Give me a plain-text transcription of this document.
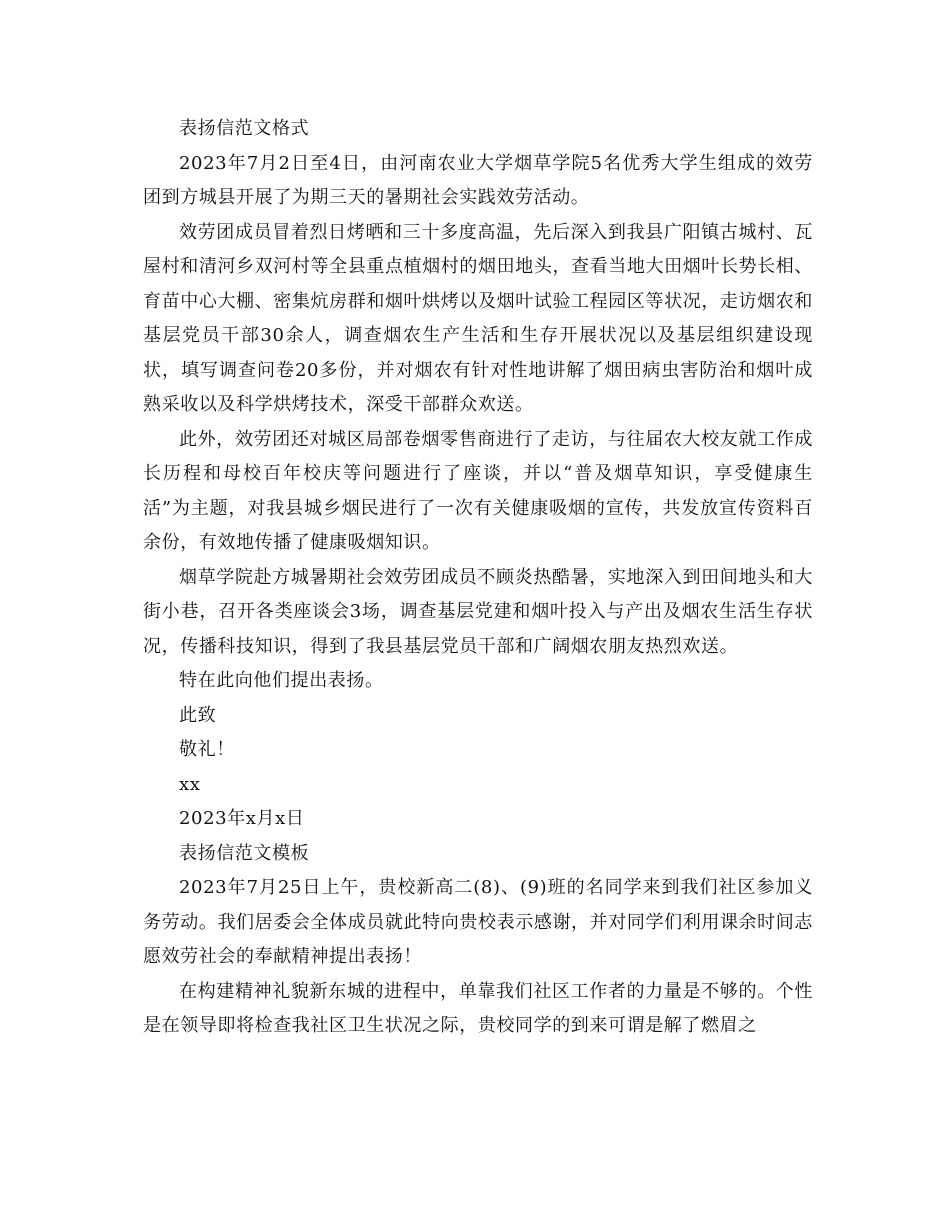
表扬信范文格式

2023年7月2日至4日，由河南农业大学烟草学院5名优秀大学生组成的效劳团到方城县开展了为期三天的暑期社会实践效劳活动。

效劳团成员冒着烈日烤晒和三十多度高温，先后深入到我县广阳镇古城村、瓦屋村和清河乡双河村等全县重点植烟村的烟田地头，查看当地大田烟叶长势长相、育苗中心大棚、密集炕房群和烟叶烘烤以及烟叶试验工程园区等状况，走访烟农和基层党员干部30余人，调查烟农生产生活和生存开展状况以及基层组织建设现状，填写调查问卷20多份，并对烟农有针对性地讲解了烟田病虫害防治和烟叶成熟采收以及科学烘烤技术，深受干部群众欢送。

此外，效劳团还对城区局部卷烟零售商进行了走访，与往届农大校友就工作成长历程和母校百年校庆等问题进行了座谈，并以“普及烟草知识，享受健康生活”为主题，对我县城乡烟民进行了一次有关健康吸烟的宣传，共发放宣传资料百余份，有效地传播了健康吸烟知识。

烟草学院赴方城暑期社会效劳团成员不顾炎热酷暑，实地深入到田间地头和大街小巷，召开各类座谈会3场，调查基层党建和烟叶投入与产出及烟农生活生存状况，传播科技知识，得到了我县基层党员干部和广阔烟农朋友热烈欢送。

特在此向他们提出表扬。

此致

敬礼！

xx

2023年x月x日

表扬信范文模板

2023年7月25日上午，贵校新高二(8)、(9)班的名同学来到我们社区参加义务劳动。我们居委会全体成员就此特向贵校表示感谢，并对同学们利用课余时间志愿效劳社会的奉献精神提出表扬！

在构建精神礼貌新东城的进程中，单靠我们社区工作者的力量是不够的。个性是在领导即将检查我社区卫生状况之际，贵校同学的到来可谓是解了燃眉之
